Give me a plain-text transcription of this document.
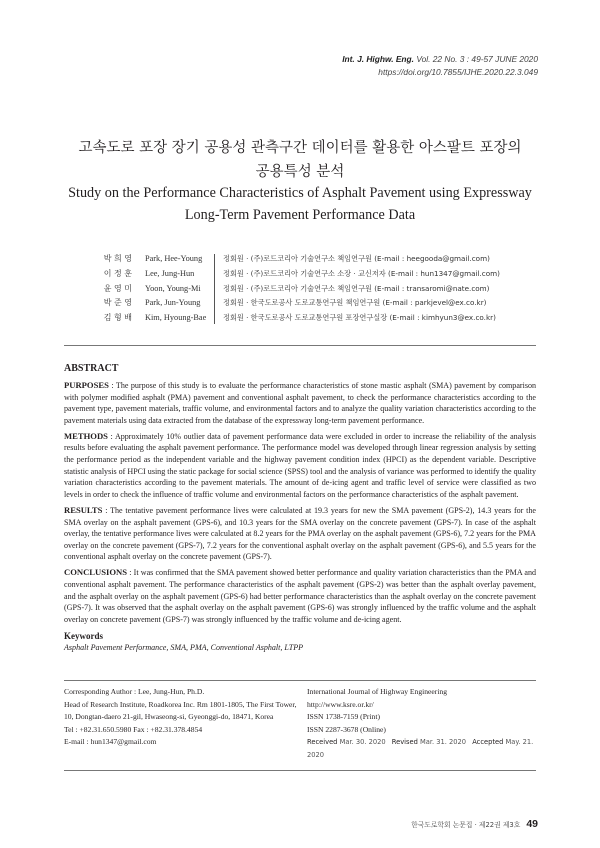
Int. J. Highw. Eng. Vol. 22 No. 3 : 49-57 JUNE 2020
https://doi.org/10.7855/IJHE.2020.22.3.049
고속도로 포장 장기 공용성 관측구간 데이터를 활용한 아스팔트 포장의
공용특성 분석
Study on the Performance Characteristics of Asphalt Pavement using Expressway
Long-Term Pavement Performance Data
박 희 영 Park, Hee-Young	정회원 · (주)로드코리아 기술연구소 책임연구원 (E-mail : heegooda@gmail.com)
이 정 훈 Lee, Jung-Hun	정회원 · (주)로드코리아 기술연구소 소장 · 교신저자 (E-mail : hun1347@gmail.com)
윤 영 미 Yoon, Young-Mi	정회원 · (주)로드코리아 기술연구소 책임연구원 (E-mail : transaromi@nate.com)
박 준 영 Park, Jun-Young	정회원 · 한국도로공사 도로교통연구원 책임연구원 (E-mail : parkjevel@ex.co.kr)
김 형 배 Kim, Hyoung-Bae 정회원 · 한국도로공사 도로교통연구원 포장연구실장 (E-mail : kimhyun3@ex.co.kr)
ABSTRACT

PURPOSES : The purpose of this study is to evaluate the performance characteristics of stone mastic asphalt (SMA) pavement by comparison with polymer modified asphalt (PMA) pavement and conventional asphalt pavement, to check the performance characteristics according to the pavement type, pavement materials, traffic volume, and environmental factors and to analyze the quality variation characteristics according to the pavement materials using data extracted from the database of the expressway long-term pavement performance.

METHODS : Approximately 10% outlier data of pavement performance data were excluded in order to increase the reliability of the analysis results before evaluating the asphalt pavement performance. The performance model was developed through linear regression analysis by setting the performance period as the independent variable and the highway pavement condition index (HPCI) as the dependent variable. Descriptive statistic analysis of HPCI using the static package for social science (SPSS) tool and the analysis of variance was performed to identify the quality variation characteristics according to the pavement materials. The amount of de-icing agent and traffic level of service were classified as two levels in order to check the influence of traffic volume and environmental factors on the performance characteristics of the asphalt pavement.

RESULTS : The tentative pavement performance lives were calculated at 19.3 years for new the SMA pavement (GPS-2), 14.3 years for the SMA overlay on the asphalt pavement (GPS-6), and 10.3 years for the SMA overlay on the concrete pavement (GPS-7). In case of the asphalt overlay, the tentative performance lives were calculated at 8.2 years for the PMA overlay on the asphalt pavement (GPS-6), 7.2 years for the PMA overlay on the concrete pavement (GPS-7), 7.2 years for the conventional asphalt overlay on the asphalt pavement (GPS-6), and 5.5 years for the conventional asphalt overlay on the concrete pavement (GPS-7).

CONCLUSIONS : It was confirmed that the SMA pavement showed better performance and quality variation characteristics than the PMA and conventional asphalt pavement. The performance characteristics of the asphalt pavement (GPS-2) was better than the asphalt overlay pavement, and the asphalt overlay on the asphalt pavement (GPS-6) had better performance characteristics than the asphalt overlay on the concrete pavement (GPS-7). It was observed that the asphalt overlay on the asphalt pavement (GPS-6) was strongly influenced by the traffic volume and the asphalt overlay on concrete pavement (GPS-7) was strongly influenced by the traffic volume and de-icing agent.

Keywords
Asphalt Pavement Performance, SMA, PMA, Conventional Asphalt, LTPP
Corresponding Author : Lee, Jung-Hun, Ph.D.
Head of Research Institute, Roadkorea Inc. Rm 1801-1805, The First Tower,
10, Dongtan-daero 21-gil, Hwaseong-si, Gyeonggi-do, 18471, Korea
Tel : +82.31.650.5980 Fax : +82.31.378.4854
E-mail : hun1347@gmail.com
International Journal of Highway Engineering
http://www.ksre.or.kr/
ISSN 1738-7159 (Print)
ISSN 2287-3678 (Online)
Received Mar. 30. 2020 Revised Mar. 31. 2020 Accepted May. 21. 2020
한국도로학회 논문집 · 제22권 제3호 49
